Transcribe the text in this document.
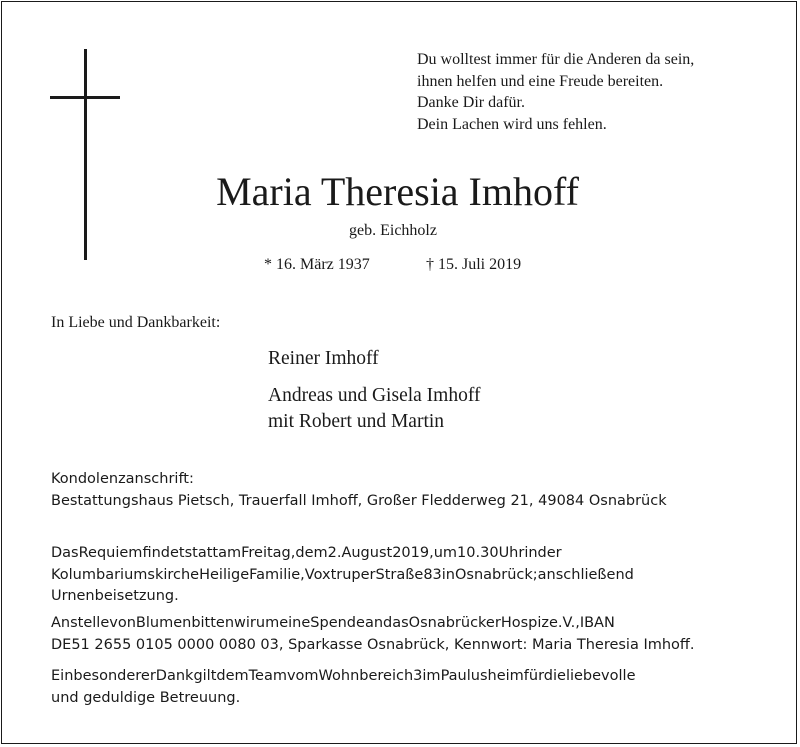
Du wolltest immer für die Anderen da sein,
ihnen helfen und eine Freude bereiten.
Danke Dir dafür.
Dein Lachen wird uns fehlen.
Maria Theresia Imhoff
geb. Eichholz
* 16. März 1937	† 15. Juli 2019
In Liebe und Dankbarkeit:
Reiner Imhoff
Andreas und Gisela Imhoff
mit Robert und Martin
Kondolenzanschrift:
Bestattungshaus Pietsch, Trauerfall Imhoff, Großer Fledderweg 21, 49084 Osnabrück
DasRequiemfindetstattamFreitag,dem2.August2019,um10.30Uhrinder
KolumbariumskircheHeiligeFamilie,VoxtruperStraße83inOsnabrück;anschließend
Urnenbeisetzung.
AnstellevonBlumenbittenwirumeineSpendeandasOsnabrückerHospize.V.,IBAN
DE51 2655 0105 0000 0080 03, Sparkasse Osnabrück, Kennwort: Maria Theresia Imhoff.
EinbesondererDankgiltdemTeamvomWohnbereich3imPaulusheimfürdieliebevolle
und geduldige Betreuung.
